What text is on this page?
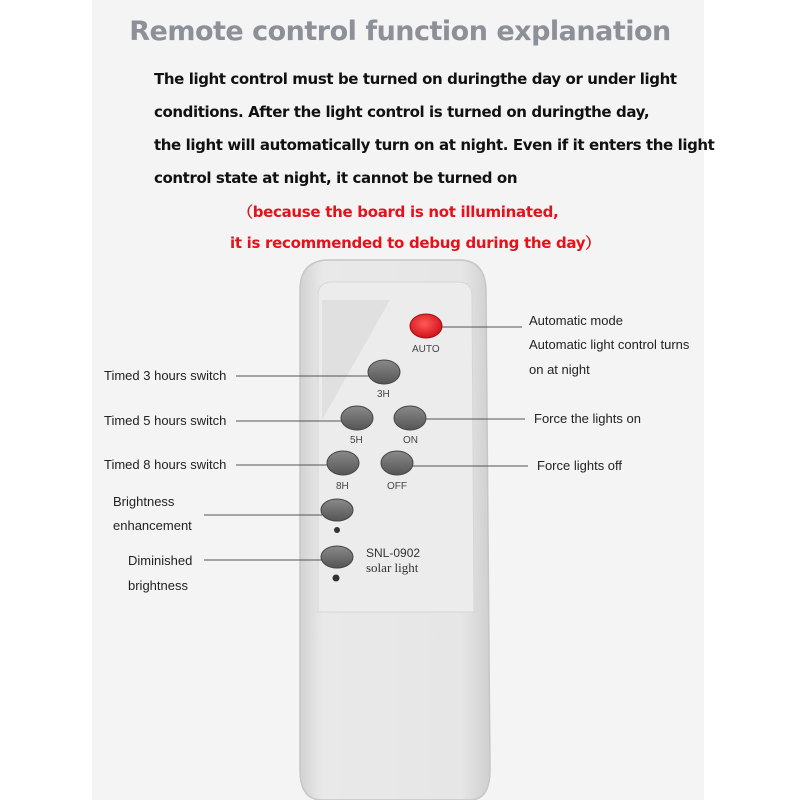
Remote control function explanation
The light control must be turned on duringthe day or under light
conditions. After the light control is turned on duringthe day,
the light will automatically turn on at night. Even if it enters the light
control state at night, it cannot be turned on
（because the board is not illuminated,
it is recommended to debug during the day）
AUTO
3H
5H	ON
8H	OFF
SNL-0902
solar light
Automatic mode
Automatic light control turns
on at night
Force the lights on
Force lights off
Timed 3 hours switch
Timed 5 hours switch
Timed 8 hours switch
Brightness
enhancement
Diminished
brightness
